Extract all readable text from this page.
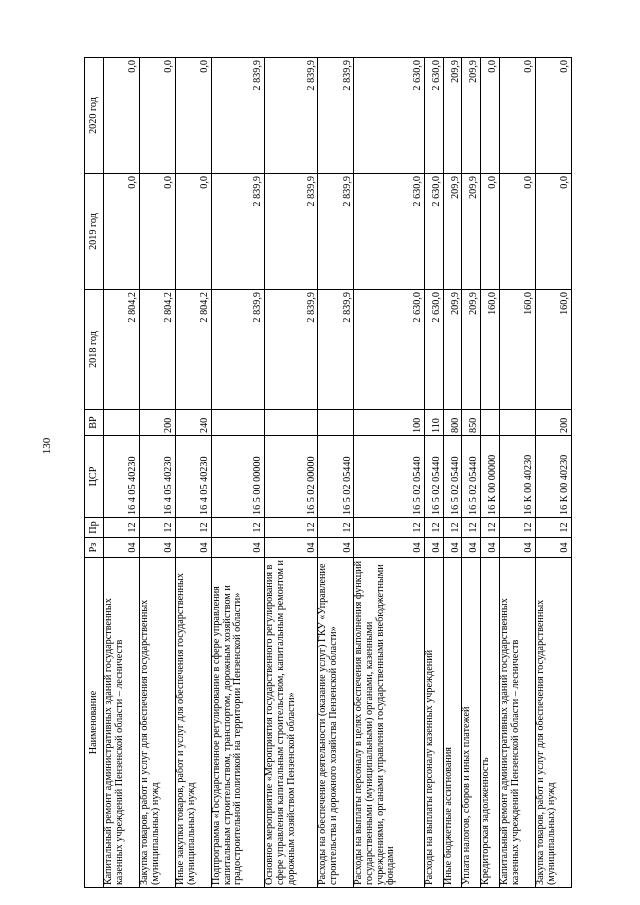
130
Наименование	Рз	Пр	ЦСР	ВР	2018 год	2019 год	2020 год
Капитальный ремонт административных зданий государственных казенных учреждений Пензенской области – лесничеств	04	12	16 4 05 40230		2 804,2	0,0	0,0
Закупка товаров, работ и услуг для обеспечения государственных (муниципальных) нужд	04	12	16 4 05 40230	200	2 804,2	0,0	0,0
Иные закупки товаров, работ и услуг для обеспечения государственных (муниципальных) нужд	04	12	16 4 05 40230	240	2 804,2	0,0	0,0
Подпрограмма «Государственное регулирование в сфере управления капитальным строительством, транспортом, дорожным хозяйством и градостроительной политикой на территории Пензенской области»	04	12	16 5 00 00000		2 839,9	2 839,9	2 839,9
Основное мероприятие «Мероприятия государственного регулирования в сфере управления капитальным строительством, капитальным ремонтом и дорожным хозяйством Пензенской области»	04	12	16 5 02 00000		2 839,9	2 839,9	2 839,9
Расходы на обеспечение деятельности (оказание услуг) ГКУ «Управление строительства и дорожного хозяйства Пензенской области»	04	12	16 5 02 05440		2 839,9	2 839,9	2 839,9
Расходы на выплаты персоналу в целях обеспечения выполнения функций государственными (муниципальными) органами, казенными учреждениями, органами управления государственными внебюджетными фондами	04	12	16 5 02 05440	100	2 630,0	2 630,0	2 630,0
Расходы на выплаты персоналу казенных учреждений	04	12	16 5 02 05440	110	2 630,0	2 630,0	2 630,0
Иные бюджетные ассигнования	04	12	16 5 02 05440	800	209,9	209,9	209,9
Уплата налогов, сборов и иных платежей	04	12	16 5 02 05440	850	209,9	209,9	209,9
Кредиторская задолженность	04	12	16 К 00 00000		160,0	0,0	0,0
Капитальный ремонт административных зданий государственных казенных учреждений Пензенской области – лесничеств	04	12	16 К 00 40230		160,0	0,0	0,0
Закупка товаров, работ и услуг для обеспечения государственных (муниципальных) нужд	04	12	16 К 00 40230	200	160,0	0,0	0,0
